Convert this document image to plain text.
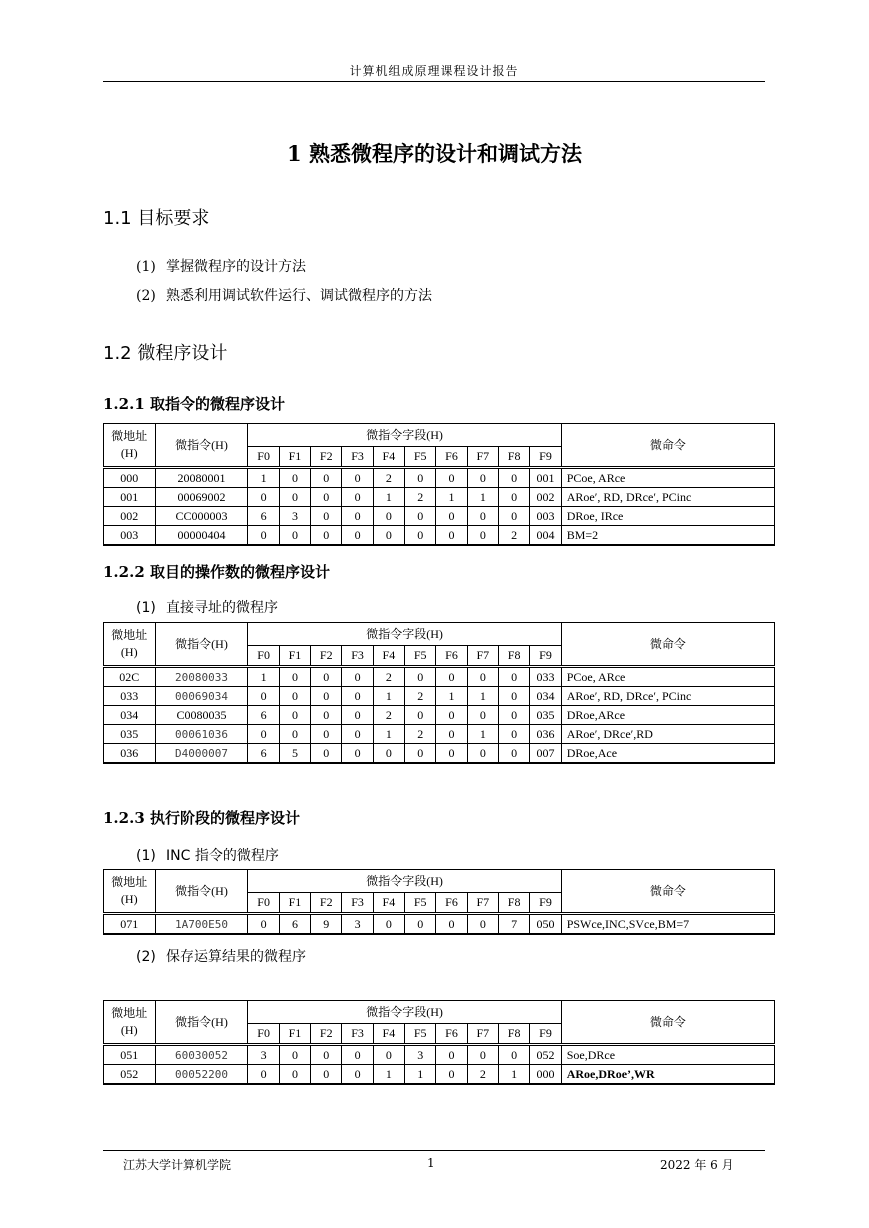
计算机组成原理课程设计报告
1 熟悉微程序的设计和调试方法
1.1 目标要求
(1) 掌握微程序的设计方法
(2) 熟悉利用调试软件运行、调试微程序的方法
1.2 微程序设计
1.2.1 取指令的微程序设计
微地址(H)	微指令(H)	微指令字段(H)										微命令
		F0	F1	F2	F3	F4	F5	F6	F7	F8	F9	
000	20080001	1	0	0	0	2	0	0	0	0	001	PCoe, ARce
001	00069002	0	0	0	0	1	2	1	1	0	002	ARoe′, RD, DRce′, PCinc
002	CC000003	6	3	0	0	0	0	0	0	0	003	DRoe, IRce
003	00000404	0	0	0	0	0	0	0	0	2	004	BM=2
1.2.2 取目的操作数的微程序设计
(1) 直接寻址的微程序
微地址(H)	微指令(H)	微指令字段(H)										微命令
		F0	F1	F2	F3	F4	F5	F6	F7	F8	F9	
02C	20080033	1	0	0	0	2	0	0	0	0	033	PCoe, ARce
033	00069034	0	0	0	0	1	2	1	1	0	034	ARoe′, RD, DRce′, PCinc
034	C0080035	6	0	0	0	2	0	0	0	0	035	DRoe,ARce
035	00061036	0	0	0	0	1	2	0	1	0	036	ARoe′, DRce′,RD
036	D4000007	6	5	0	0	0	0	0	0	0	007	DRoe,Ace
1.2.3 执行阶段的微程序设计
(1) INC 指令的微程序
微地址(H)	微指令(H)	微指令字段(H)										微命令
		F0	F1	F2	F3	F4	F5	F6	F7	F8	F9	
071	1A700E50	0	6	9	3	0	0	0	0	7	050	PSWce,INC,SVce,BM=7
(2) 保存运算结果的微程序
微地址(H)	微指令(H)	微指令字段(H)										微命令
		F0	F1	F2	F3	F4	F5	F6	F7	F8	F9	
051	60030052	3	0	0	0	0	3	0	0	0	052	Soe,DRce
052	00052200	0	0	0	0	1	1	0	2	1	000	ARoe,DRoe’,WR
江苏大学计算机学院	1	2022 年 6 月
